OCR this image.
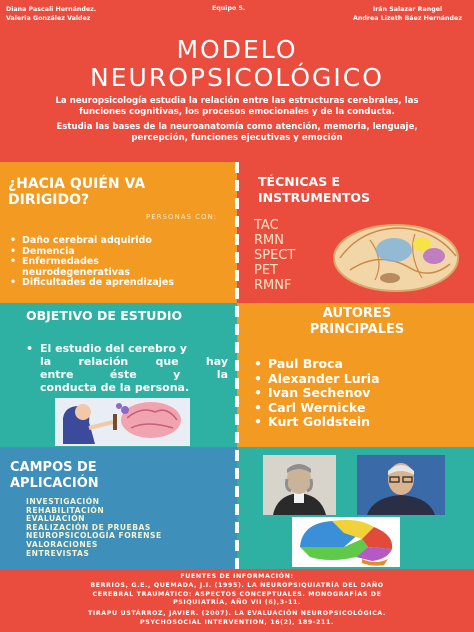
Diana Pascali Hernández.
Valeria González Valdez
Equipo 5.	Irán Salazar Rangel
Andrea Lizeth Báez Hernández
MODELO
NEUROPSICOLÓGICO
La neuropsicología estudia la relación entre las estructuras cerebrales, las
funciones cognitivas, los procesos emocionales y de la conducta.
Estudia las bases de la neuroanatomía como atención, memoria, lenguaje,
percepción, funciones ejecutivas y emoción
¿HACIA QUIÉN VA
DIRIGIDO?
PERSONAS CON:
• Daño cerebral adquirido
• Demencia
• Enfermedades
neurodegenerativas
• Dificultades de aprendizajes
TÉCNICAS E
INSTRUMENTOS
TAC
RMN
SPECT
PET
RMNF
OBJETIVO DE ESTUDIO
• El estudio del cerebro y
la relación que hay
entre éste y la
conducta de la persona.
AUTORES
PRINCIPALES
• Paul Broca
• Alexander Luria
• Ivan Sechenov
• Carl Wernicke
• Kurt Goldstein
CAMPOS DE
APLICACIÓN
INVESTIGACIÓN
REHABILITACIÓN
EVALUACIÓN
REALIZACIÓN DE PRUEBAS
NEUROPSICOLOGÍA FORENSE
VALORACIONES
ENTREVISTAS
FUENTES DE INFORMACIÓN:
BERRIOS, G.E., QUEMADA, J.I. (1995). LA NEUROPSIQUIATRÍA DEL DAÑO
CEREBRAL TRAUMÁTICO: ASPECTOS CONCEPTUALES. MONOGRAFÍAS DE
PSIQUIATRÍA, AÑO VII (6),3-11.
TIRAPU USTÁRROZ, JAVIER. (2007). LA EVALUACIÓN NEUROPSICOLÓGICA.
PSYCHOSOCIAL INTERVENTION, 16(2), 189-211.
